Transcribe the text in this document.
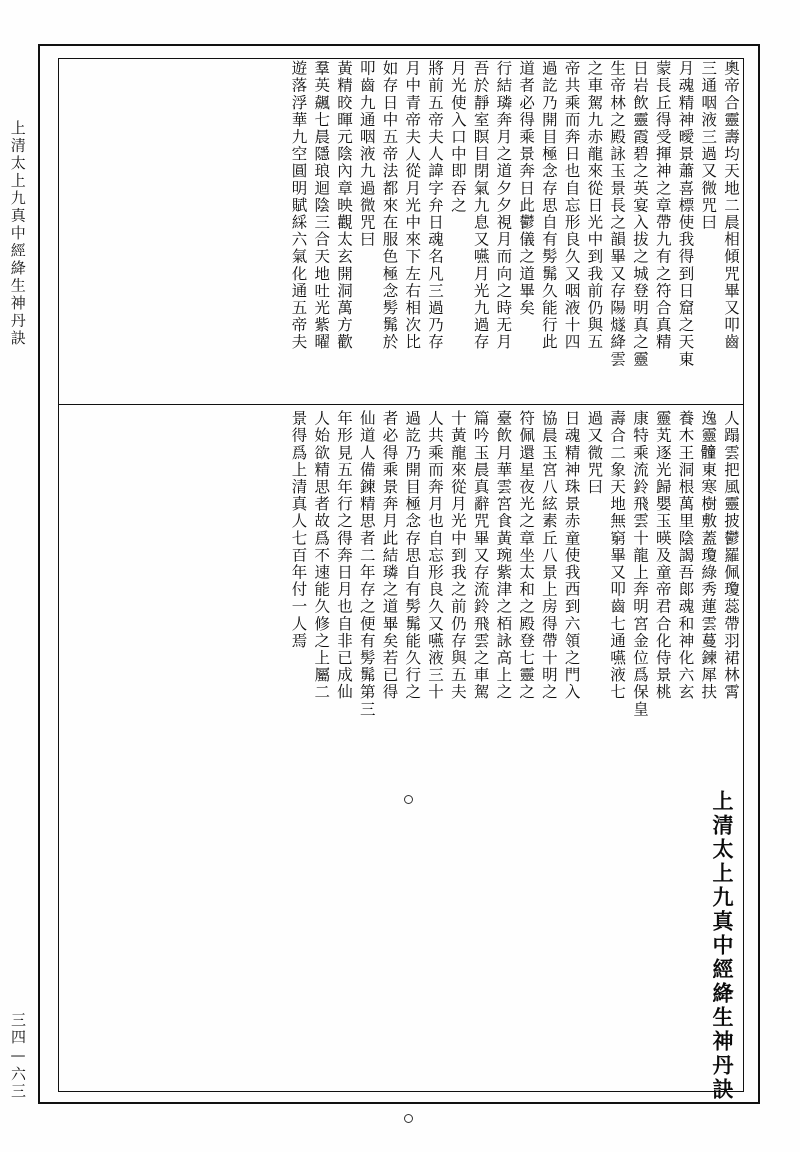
上清太上九真中經絳生神丹訣
三四—六三
奧帝合靈壽均天地二晨相傾咒畢又叩齒
三通咽液三過又微咒曰
月魂精神曖景蕭喜標使我得到日窟之天東
蒙長丘得受揮神之章帶九有之符合真精
日岩飲靈霞碧之英宴入拔之城登明真之靈
生帝林之殿詠玉景長之韻畢又存陽燧絳雲
之車駕九赤龍來從日光中到我前仍與五
帝共乘而奔日也自忘形良久又咽液十四
過訖乃開目極念存思自有髣髴久能行此
道者必得乘景奔日此鬱儀之道畢矣
行結璘奔月之道夕夕視月而向之時无月
吾於靜室瞑目閉氣九息又嚥月光九過存
月光使入口中即吞之
將前五帝夫人諱字弁日魂名凡三過乃存
月中青帝夫人從月光中來下左右相次比
如存日中五帝法都來在服色極念髣髴於
叩齒九通咽液九過微咒曰
黃精晈暉元陰內章映觀太玄開洞萬方歡
羣英飆七晨隱琅迴陰三合天地吐光紫曜
遊落浮華九空圓明賦綵六氣化通五帝夫
人蹋雲把風靈披鬱羅佩瓊蕊帶羽裙林霄
逸靈𩪘東寒樹敷蓋瓊綠秀蓮雲蔓鍊犀扶
養木王洞根萬里陰謁吾郞魂和神化六玄
靈芄逐光歸嬰玉暎及童帝君合化侍景桃
康特乘流鈴飛雲十龍上奔明宮金位爲保皇
壽合二象天地無窮畢又叩齒七通嚥液七
過又微咒曰
日魂精神珠景赤童使我西到六領之門入
協晨玉宮八絃素丘八景上房得帶十明之
符佩還星夜光之章坐太和之殿登七靈之
臺飲月華雲宮食黃琬紫津之栢詠高上之
篇吟玉晨真辭咒畢又存流鈴飛雲之車駕
十黃龍來從月光中到我之前仍存與五夫
人共乘而奔月也自忘形良久又嚥液三十
過訖乃開目極念存思自有髣髴能久行之
者必得乘景奔月此結璘之道畢矣若已得
仙道人備鍊精思者二年存之便有髣髴第三
年形見五年行之得奔日月也自非已成仙
人始欲精思者故爲不速能久修之上屬二
景得爲上清真人七百年付一人焉
上清太上九真中經絳生神丹訣
